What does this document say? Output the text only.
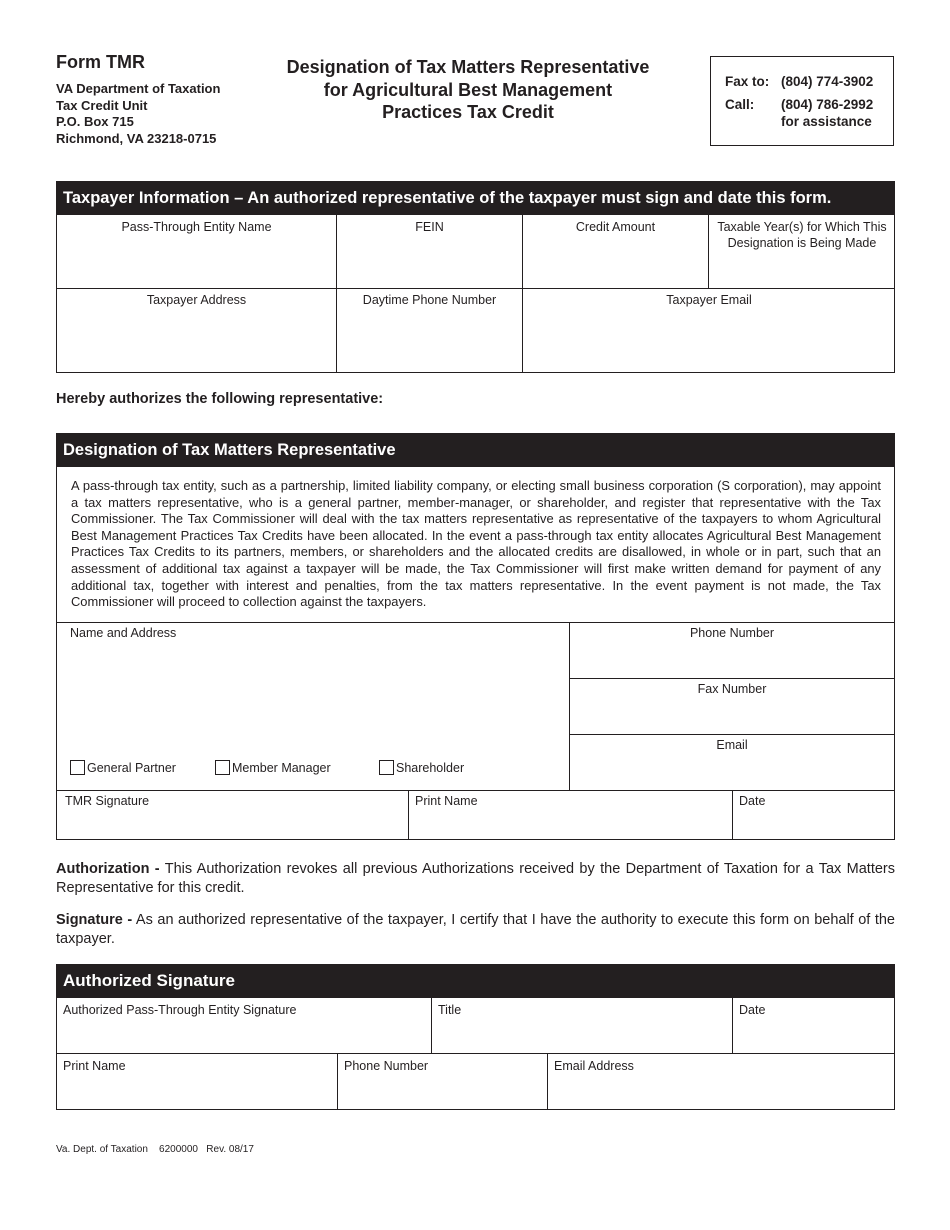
Form TMR
VA Department of Taxation
Tax Credit Unit
P.O. Box 715
Richmond, VA 23218-0715
Designation of Tax Matters Representative
for Agricultural Best Management
Practices Tax Credit
Fax to: (804) 774-3902
Call:	(804) 786-2992
for assistance
Taxpayer Information – An authorized representative of the taxpayer must sign and date this form.
Pass-Through Entity Name	FEIN	Credit Amount	Taxable Year(s) for Which This
Designation is Being Made
Taxpayer Address	Daytime Phone Number	Taxpayer Email
Hereby authorizes the following representative:
Designation of Tax Matters Representative
A pass-through tax entity, such as a partnership, limited liability company, or electing small business corporation (S corporation), may appoint a tax matters representative, who is a general partner, member-manager, or shareholder, and register that representative with the Tax Commissioner. The Tax Commissioner will deal with the tax matters representative as representative of the taxpayers to whom Agricultural Best Management Practices Tax Credits have been allocated. In the event a pass-through tax entity allocates Agricultural Best Management Practices Tax Credits to its partners, members, or shareholders and the allocated credits are disallowed, in whole or in part, such that an assessment of additional tax against a taxpayer will be made, the Tax Commissioner will first make written demand for payment of any additional tax, together with interest and penalties, from the tax matters representative. In the event payment is not made, the Tax Commissioner will proceed to collection against the taxpayers.
Name and Address	Phone Number
Fax Number
Email
TMR Signature	Print Name	Date
General Partner	Member Manager	Shareholder
Authorization - This Authorization revokes all previous Authorizations received by the Department of Taxation for a Tax Matters Representative for this credit.
Signature - As an authorized representative of the taxpayer, I certify that I have the authority to execute this form on behalf of the taxpayer.
Authorized Signature
Authorized Pass-Through Entity Signature	Title	Date
Print Name	Phone Number	Email Address
Va. Dept. of Taxation    6200000   Rev. 08/17
